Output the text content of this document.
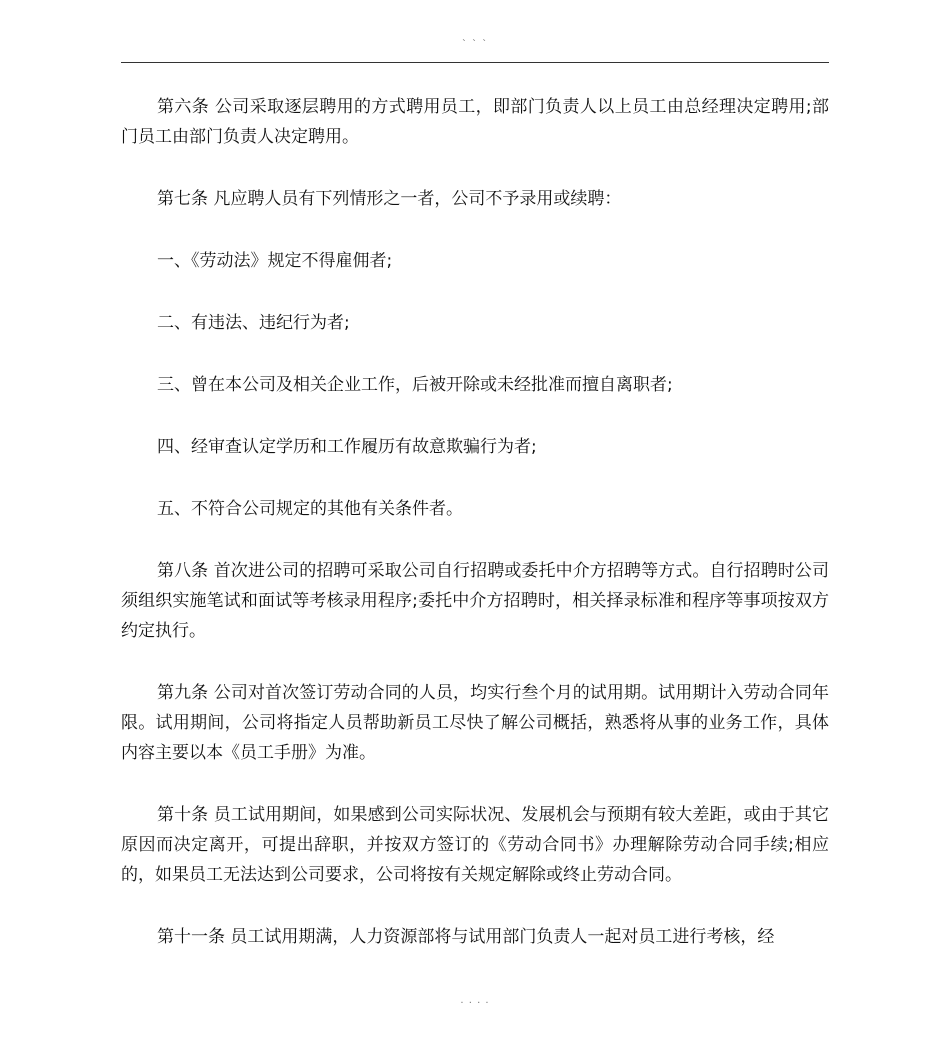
` ` `

第六条 公司采取逐层聘用的方式聘用员工，即部门负责人以上员工由总经理决定聘用;部门员工由部门负责人决定聘用。

第七条 凡应聘人员有下列情形之一者，公司不予录用或续聘：

一、《劳动法》规定不得雇佣者;

二、有违法、违纪行为者;

三、曾在本公司及相关企业工作，后被开除或未经批准而擅自离职者;

四、经审查认定学历和工作履历有故意欺骗行为者;

五、不符合公司规定的其他有关条件者。

第八条 首次进公司的招聘可采取公司自行招聘或委托中介方招聘等方式。自行招聘时公司须组织实施笔试和面试等考核录用程序;委托中介方招聘时，相关择录标准和程序等事项按双方约定执行。

第九条 公司对首次签订劳动合同的人员，均实行叁个月的试用期。试用期计入劳动合同年限。试用期间，公司将指定人员帮助新员工尽快了解公司概括，熟悉将从事的业务工作，具体内容主要以本《员工手册》为准。

第十条 员工试用期间，如果感到公司实际状况、发展机会与预期有较大差距，或由于其它原因而决定离开，可提出辞职，并按双方签订的《劳动合同书》办理解除劳动合同手续;相应的，如果员工无法达到公司要求，公司将按有关规定解除或终止劳动合同。

第十一条 员工试用期满，人力资源部将与试用部门负责人一起对员工进行考核，经

. . . .
